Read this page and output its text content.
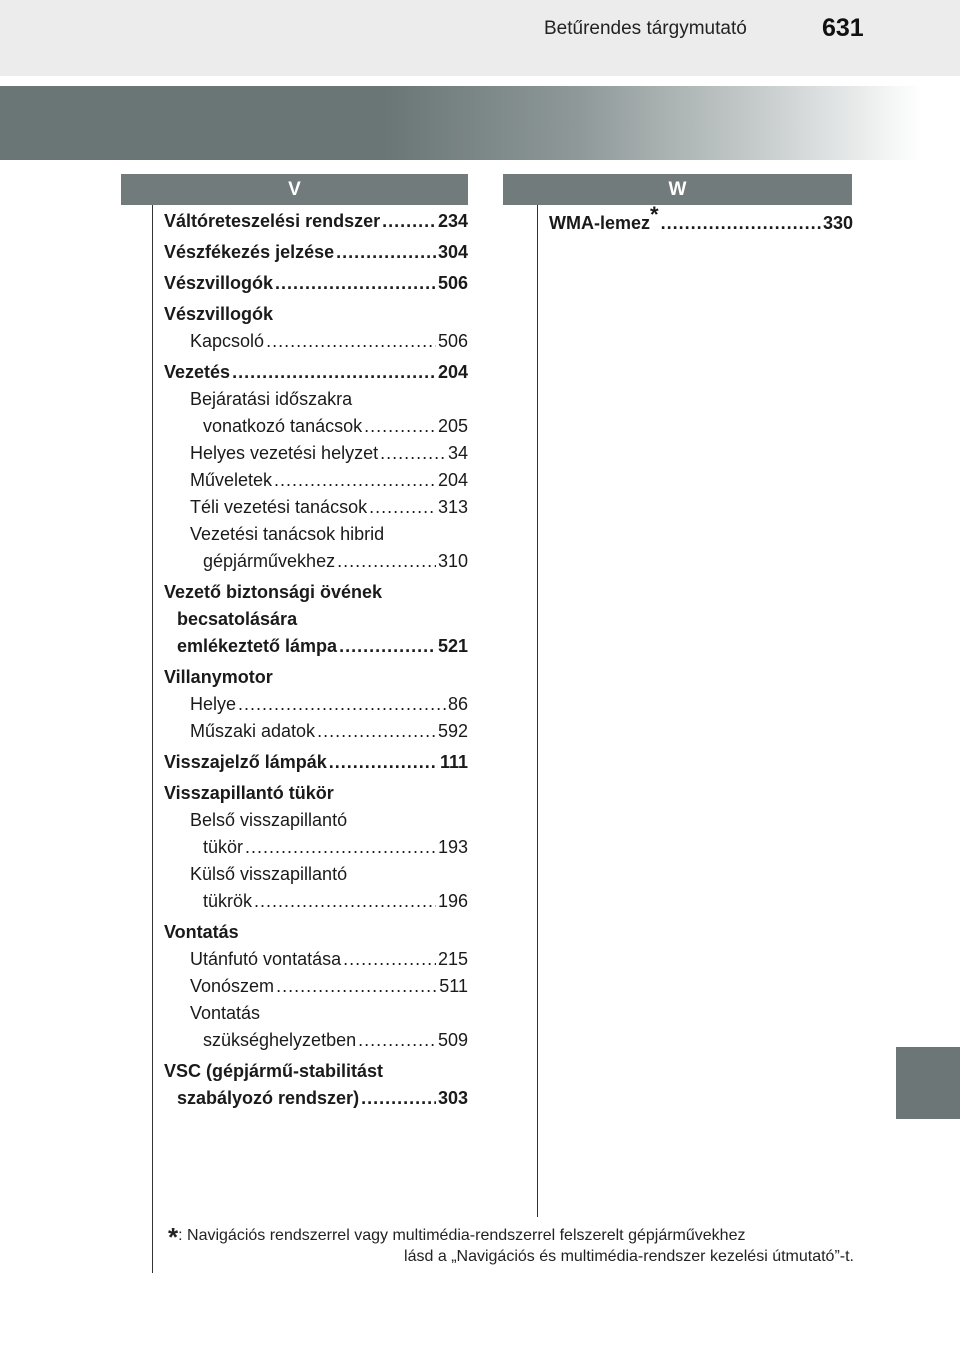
Betűrendes tárgymutató	631
V	W
Váltóreteszelési rendszer .....	234
Vészfékezés jelzése .....	304
Vészvillogók .....	506
Vészvillogók
Kapcsoló .....	506
Vezetés .....	204
Bejáratási időszakra
vonatkozó tanácsok .....	205
Helyes vezetési helyzet .....	34
Műveletek .....	204
Téli vezetési tanácsok .....	313
Vezetési tanácsok hibrid
gépjárművekhez .....	310
Vezető biztonsági övének
becsatolására
emlékeztető lámpa .....	521
Villanymotor
Helye .....	86
Műszaki adatok .....	592
Visszajelző lámpák .....	111
Visszapillantó tükör
Belső visszapillantó
tükör .....	193
Külső visszapillantó
tükrök .....	196
Vontatás
Utánfutó vontatása .....	215
Vonószem .....	511
Vontatás
szükséghelyzetben .....	509
VSC (gépjármű-stabilitást
szabályozó rendszer) .....	303
WMA-lemez * .....	330
*: Navigációs rendszerrel vagy multimédia-rendszerrel felszerelt gépjárművekhez
lásd a „Navigációs és multimédia-rendszer kezelési útmutató”-t.
